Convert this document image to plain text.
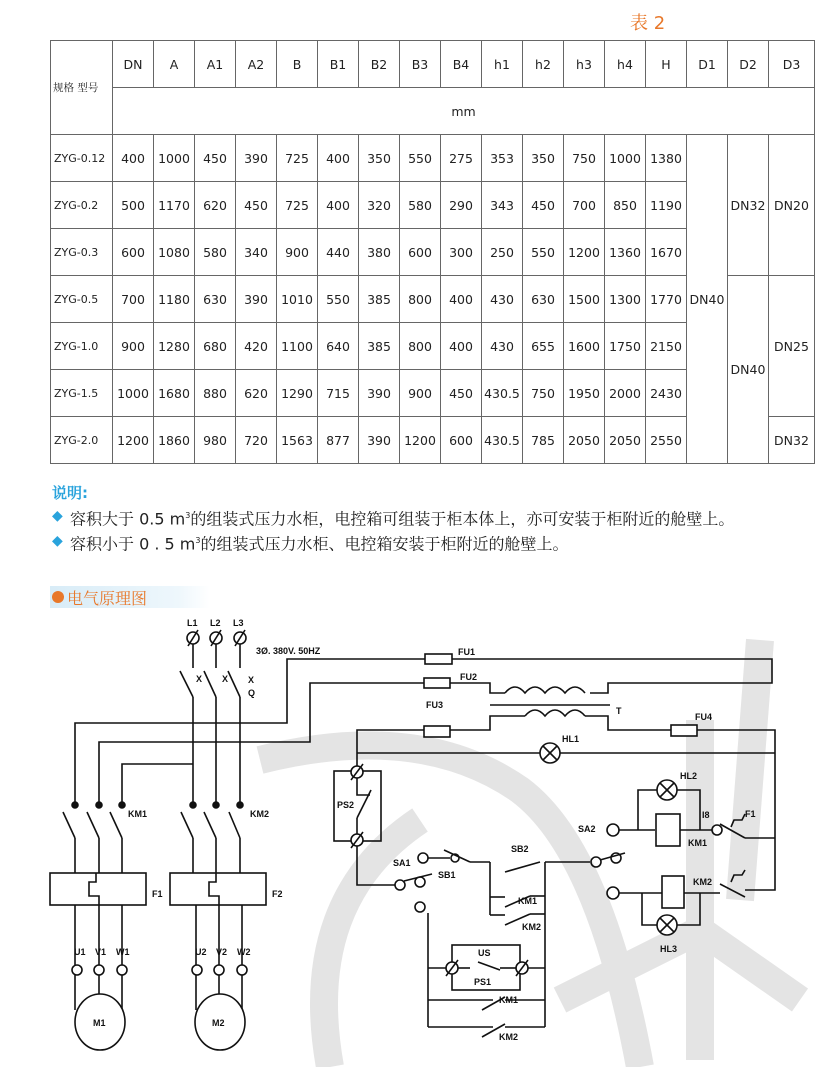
表 2
规格 型号	DN	A	A1	A2	B	B1	B2	B3	B4	h1	h2	h3	h4	H	D1	D2	D3
	mm																
ZYG-0.12	400	1000	450	390	725	400	350	550	275	353	350	750	1000	1380	DN40	DN32	DN20
ZYG-0.2	500	1170	620	450	725	400	320	580	290	343	450	700	850	1190			
ZYG-0.3	600	1080	580	340	900	440	380	600	300	250	550	1200	1360	1670			
ZYG-0.5	700	1180	630	390	1010	550	385	800	400	430	630	1500	1300	1770		DN40	DN25
ZYG-1.0	900	1280	680	420	1100	640	385	800	400	430	655	1600	1750	2150			
ZYG-1.5	1000	1680	880	620	1290	715	390	900	450	430.5	750	1950	2000	2430			
ZYG-2.0	1200	1860	980	720	1563	877	390	1200	600	430.5	785	2050	2050	2550			DN32
说明:
◆ 容积大于 0.5 $m^3$的组装式压力水柜，电控箱可组装于柜本体上，亦可安装于柜附近的舱壁上。
◆ 容积小于 0 . 5 $m^3$的组装式压力水柜、电控箱安装于柜附近的舱壁上。
电气原理图
L1 L2 L3
3Ø. 380V. 50HZ
X X X
Q
FU1
FU2
FU3
FU4
T
HL1
PS2
KM1	KM2
F1	F2
U1 V1 W1	U2 V2 W2
M1	M2
SA1
SB1
SB2
SA2
HL2
KM1
I8	F1
KM2
HL3
KM1
KM2
US
PS1
KM1
KM2
